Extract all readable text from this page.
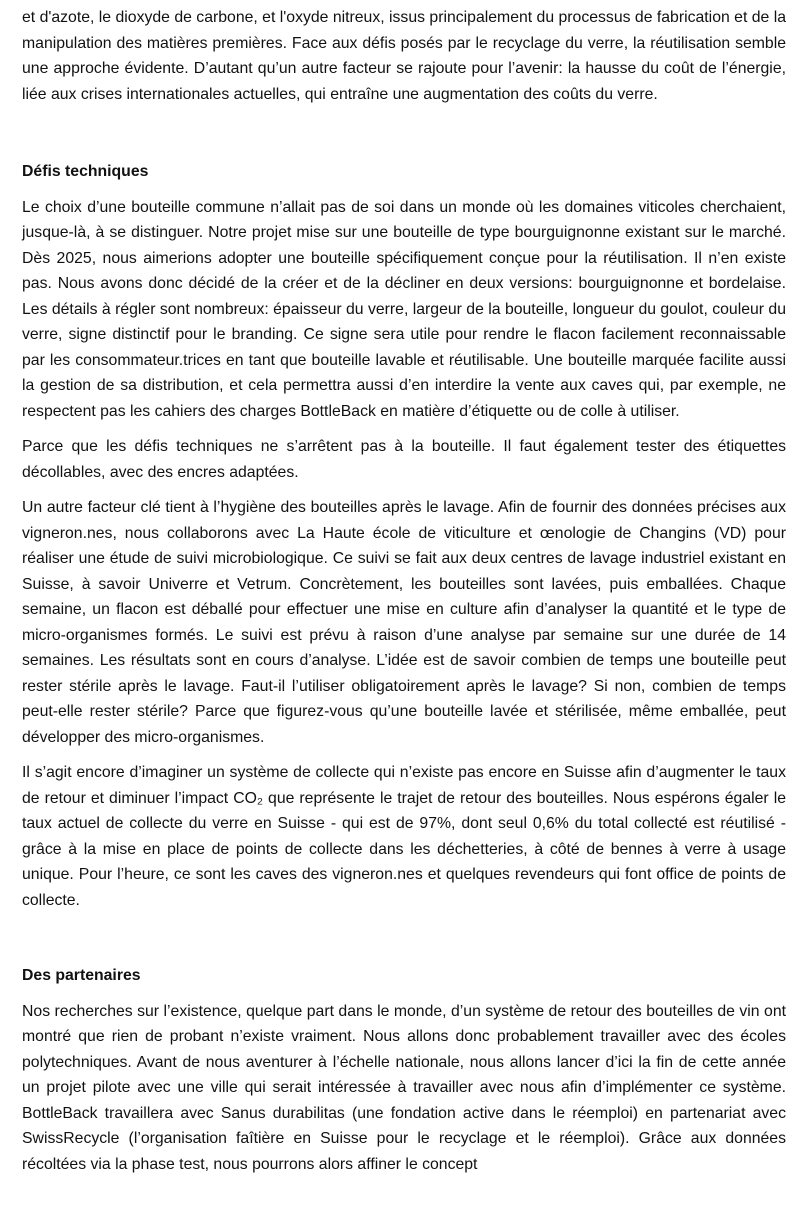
et d'azote, le dioxyde de carbone, et l'oxyde nitreux, issus principalement du processus de fabrication et de la manipulation des matières premières. Face aux défis posés par le recyclage du verre, la réutilisation semble une approche évidente. D’autant qu’un autre facteur se rajoute pour l’avenir: la hausse du coût de l’énergie, liée aux crises internationales actuelles, qui entraîne une augmentation des coûts du verre.

Défis techniques

Le choix d’une bouteille commune n’allait pas de soi dans un monde où les domaines viticoles cherchaient, jusque-là, à se distinguer. Notre projet mise sur une bouteille de type bourguignonne existant sur le marché. Dès 2025, nous aimerions adopter une bouteille spécifiquement conçue pour la réutilisation. Il n’en existe pas. Nous avons donc décidé de la créer et de la décliner en deux versions: bourguignonne et bordelaise. Les détails à régler sont nombreux: épaisseur du verre, largeur de la bouteille, longueur du goulot, couleur du verre, signe distinctif pour le branding. Ce signe sera utile pour rendre le flacon facilement reconnaissable par les consommateur.trices en tant que bouteille lavable et réutilisable. Une bouteille marquée facilite aussi la gestion de sa distribution, et cela permettra aussi d’en interdire la vente aux caves qui, par exemple, ne respectent pas les cahiers des charges BottleBack en matière d’étiquette ou de colle à utiliser.

Parce que les défis techniques ne s’arrêtent pas à la bouteille. Il faut également tester des étiquettes décollables, avec des encres adaptées.

Un autre facteur clé tient à l’hygiène des bouteilles après le lavage. Afin de fournir des données précises aux vigneron.nes, nous collaborons avec La Haute école de viticulture et œnologie de Changins (VD) pour réaliser une étude de suivi microbiologique. Ce suivi se fait aux deux centres de lavage industriel existant en Suisse, à savoir Univerre et Vetrum. Concrètement, les bouteilles sont lavées, puis emballées. Chaque semaine, un flacon est déballé pour effectuer une mise en culture afin d’analyser la quantité et le type de micro-organismes formés. Le suivi est prévu à raison d’une analyse par semaine sur une durée de 14 semaines. Les résultats sont en cours d’analyse. L’idée est de savoir combien de temps une bouteille peut rester stérile après le lavage. Faut-il l’utiliser obligatoirement après le lavage? Si non, combien de temps peut-elle rester stérile? Parce que figurez-vous qu’une bouteille lavée et stérilisée, même emballée, peut développer des micro-organismes.

Il s’agit encore d’imaginer un système de collecte qui n’existe pas encore en Suisse afin d’augmenter le taux de retour et diminuer l’impact CO₂ que représente le trajet de retour des bouteilles. Nous espérons égaler le taux actuel de collecte du verre en Suisse - qui est de 97%, dont seul 0,6% du total collecté est réutilisé - grâce à la mise en place de points de collecte dans les déchetteries, à côté de bennes à verre à usage unique. Pour l’heure, ce sont les caves des vigneron.nes et quelques revendeurs qui font office de points de collecte.

Des partenaires

Nos recherches sur l’existence, quelque part dans le monde, d’un système de retour des bouteilles de vin ont montré que rien de probant n’existe vraiment. Nous allons donc probablement travailler avec des écoles polytechniques. Avant de nous aventurer à l’échelle nationale, nous allons lancer d’ici la fin de cette année un projet pilote avec une ville qui serait intéressée à travailler avec nous afin d’implémenter ce système. BottleBack travaillera avec Sanus durabilitas (une fondation active dans le réemploi) en partenariat avec SwissRecycle (l’organisation faîtière en Suisse pour le recyclage et le réemploi). Grâce aux données récoltées via la phase test, nous pourrons alors affiner le concept
